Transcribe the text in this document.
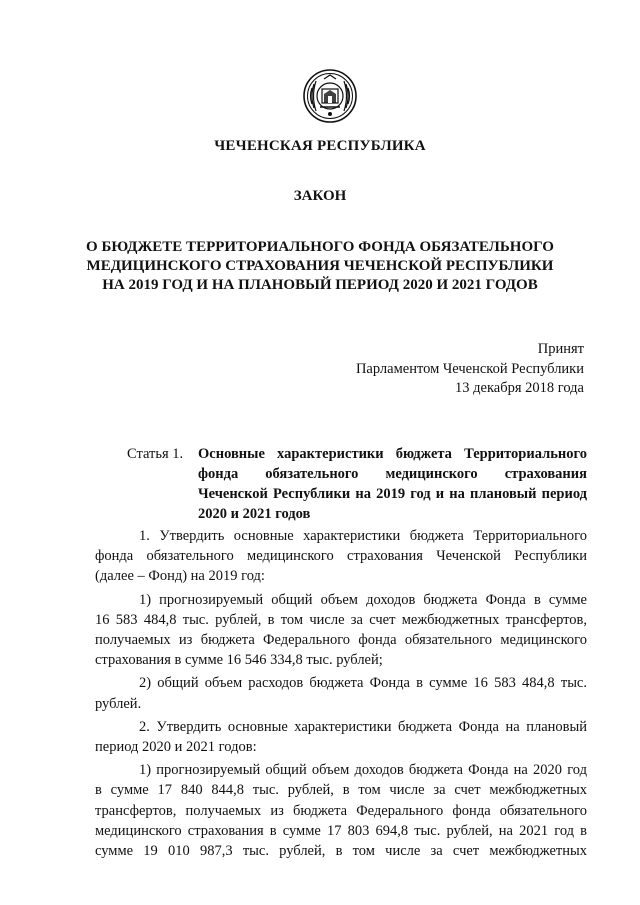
ЧЕЧЕНСКАЯ РЕСПУБЛИКА
ЗАКОН
О БЮДЖЕТЕ ТЕРРИТОРИАЛЬНОГО ФОНДА ОБЯЗАТЕЛЬНОГО
МЕДИЦИНСКОГО СТРАХОВАНИЯ ЧЕЧЕНСКОЙ РЕСПУБЛИКИ
НА 2019 ГОД И НА ПЛАНОВЫЙ ПЕРИОД 2020 И 2021 ГОДОВ
Принят
Парламентом Чеченской Республики
13 декабря 2018 года
Статья 1.	Основные характеристики бюджета Территориального
фонда обязательного медицинского страхования
Чеченской Республики на 2019 год и на плановый период
2020 и 2021 годов

1. Утвердить основные характеристики бюджета Территориального
фонда обязательного медицинского страхования Чеченской Республики
(далее – Фонд) на 2019 год:

1) прогнозируемый общий объем доходов бюджета Фонда в сумме
16 583 484,8 тыс. рублей, в том числе за счет межбюджетных трансфертов,
получаемых из бюджета Федерального фонда обязательного медицинского
страхования в сумме 16 546 334,8 тыс. рублей;

2) общий объем расходов бюджета Фонда в сумме 16 583 484,8 тыс.
рублей.

2. Утвердить основные характеристики бюджета Фонда на плановый
период 2020 и 2021 годов:

1) прогнозируемый общий объем доходов бюджета Фонда на 2020 год
в сумме 17 840 844,8 тыс. рублей, в том числе за счет межбюджетных
трансфертов, получаемых из бюджета Федерального фонда обязательного
медицинского страхования в сумме 17 803 694,8 тыс. рублей, на 2021 год в
сумме 19 010 987,3 тыс. рублей, в том числе за счет межбюджетных
